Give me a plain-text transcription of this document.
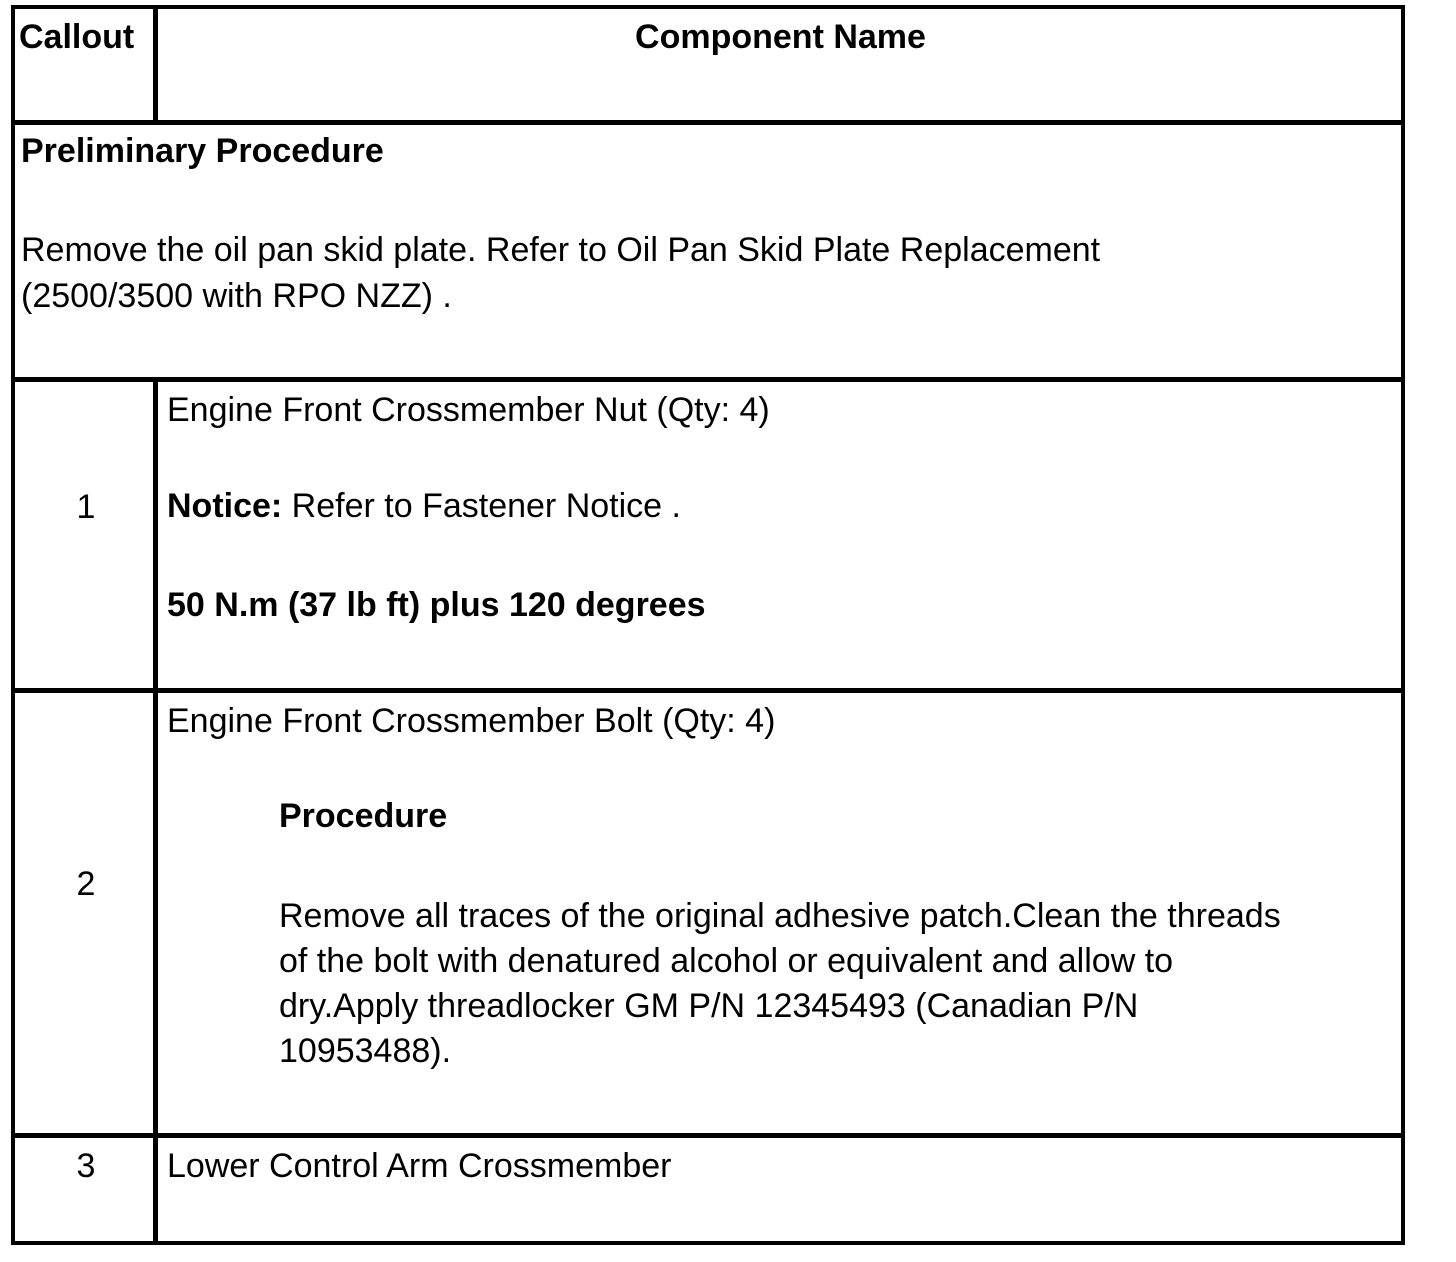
Callout	Component Name
Preliminary Procedure
Remove the oil pan skid plate. Refer to Oil Pan Skid Plate Replacement
(2500/3500 with RPO NZZ) .
1
Engine Front Crossmember Nut (Qty: 4)
Notice: Refer to Fastener Notice .
50 N.m (37 lb ft) plus 120 degrees
2
Engine Front Crossmember Bolt (Qty: 4)
Procedure
Remove all traces of the original adhesive patch.Clean the threads
of the bolt with denatured alcohol or equivalent and allow to
dry.Apply threadlocker GM P/N 12345493 (Canadian P/N
10953488).
3	Lower Control Arm Crossmember
